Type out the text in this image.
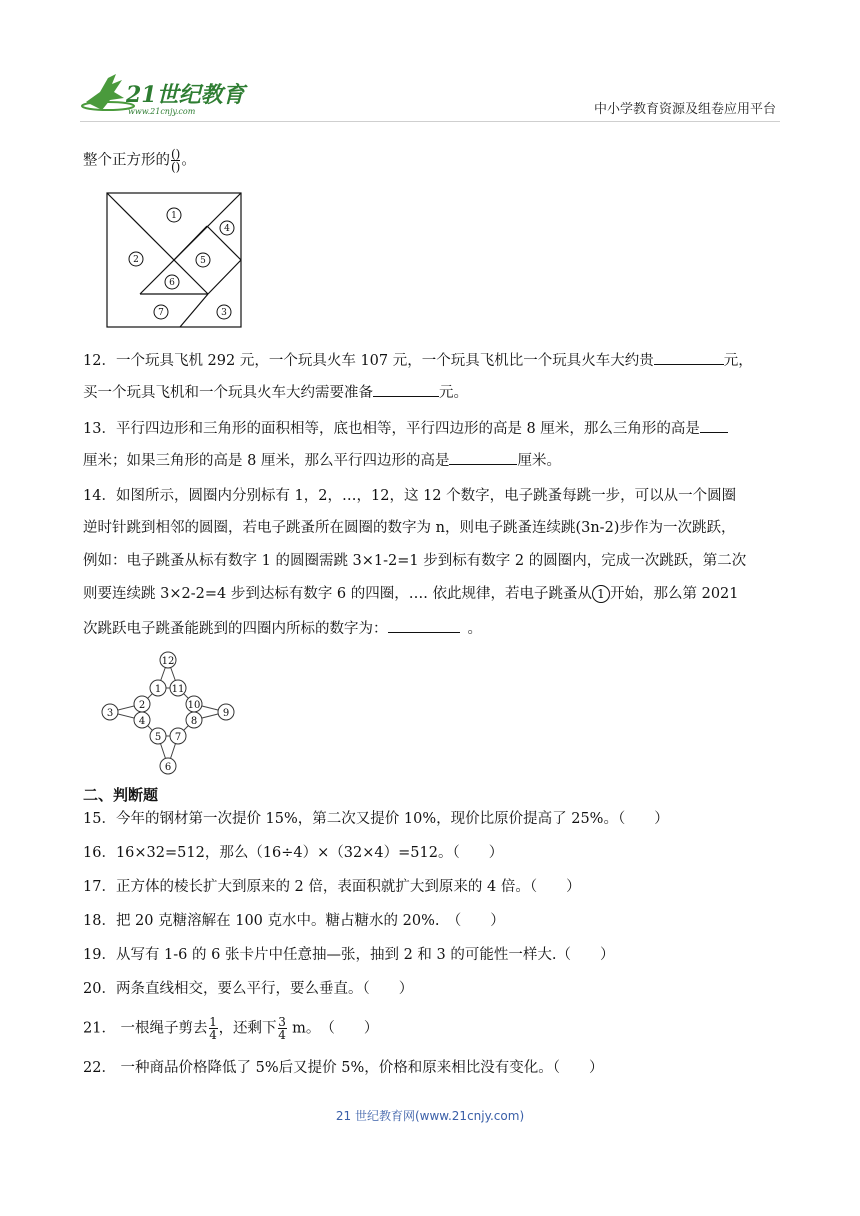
21世纪教育
www.21cnjy.com	中小学教育资源及组卷应用平台
整个正方形的 $\frac{()}{()}$ 。
1
2
3
4
5
6
7
12．一个玩具飞机 292 元，一个玩具火车 107 元，一个玩具飞机比一个玩具火车大约贵	元，
买一个玩具飞机和一个玩具火车大约需要准备	元。
13．平行四边形和三角形的面积相等，底也相等，平行四边形的高是 8 厘米，那么三角形的高是
厘米；如果三角形的高是 8 厘米，那么平行四边形的高是	厘米。
14．如图所示，圆圈内分别标有 1，2，…，12，这 12 个数字，电子跳蚤每跳一步，可以从一个圆圈
逆时针跳到相邻的圆圈，若电子跳蚤所在圆圈的数字为 n，则电子跳蚤连续跳(3n-2)步作为一次跳跃，
例如：电子跳蚤从标有数字 1 的圆圈需跳 3×1-2=1 步到标有数字 2 的圆圈内，完成一次跳跃，第二次
则要连续跳 3×2-2=4 步到达标有数字 6 的四圈，…. 依此规律，若电子跳蚤从 1 开始，那么第 2021
次跳跃电子跳蚤能跳到的四圈内所标的数字为：	。
12
1 11
2	10
3
4	8
9
5 7
6
二、判断题
15．今年的钢材第一次提价 15%，第二次又提价 10%，现价比原价提高了 25%。（　　）
16．16×32=512，那么（16÷4）×（32×4）=512。（　　）
17．正方体的棱长扩大到原来的 2 倍，表面积就扩大到原来的 4 倍。（　　）
18．把 20 克糖溶解在 100 克水中。糖占糖水的 20%.　（　　）
19．从写有 1-6 的 6 张卡片中任意抽—张，抽到 2 和 3 的可能性一样大.（　　）
20．两条直线相交，要么平行，要么垂直。（　　）
21． 一根绳子剪去 $\frac{1}{4}$ ，还剩下 $\frac{3}{4}$ m。　（　　）
22． 一种商品价格降低了 5%后又提价 5%，价格和原来相比没有变化。（　　）
21 世纪教育网(www.21cnjy.com)
